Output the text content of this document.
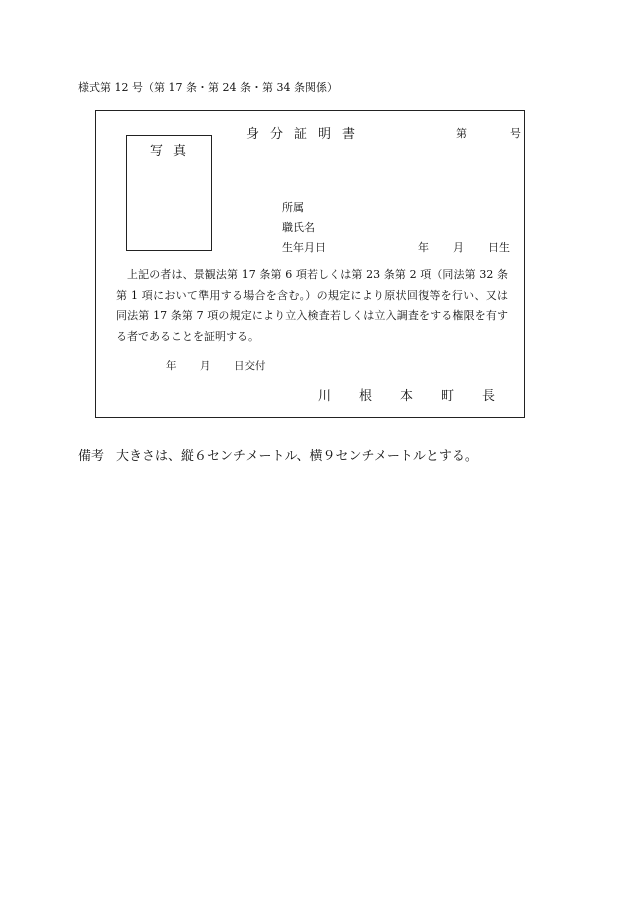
様式第 12 号（第 17 条・第 24 条・第 34 条関係）
写真
身分証明書	第	号
所属
職氏名
生年月日	年 月 日生

上記の者は、景観法第 17 条第 6 項若しくは第 23 条第 2 項（同法第 32 条第 1 項において準用する場合を含む。）の規定により原状回復等を行い、又は同法第 17 条第 7 項の規定により立入検査若しくは立入調査をする権限を有する者であることを証明する。

年 月 日交付
川根本町長
備考 大きさは、縦６センチメートル、横９センチメートルとする。
